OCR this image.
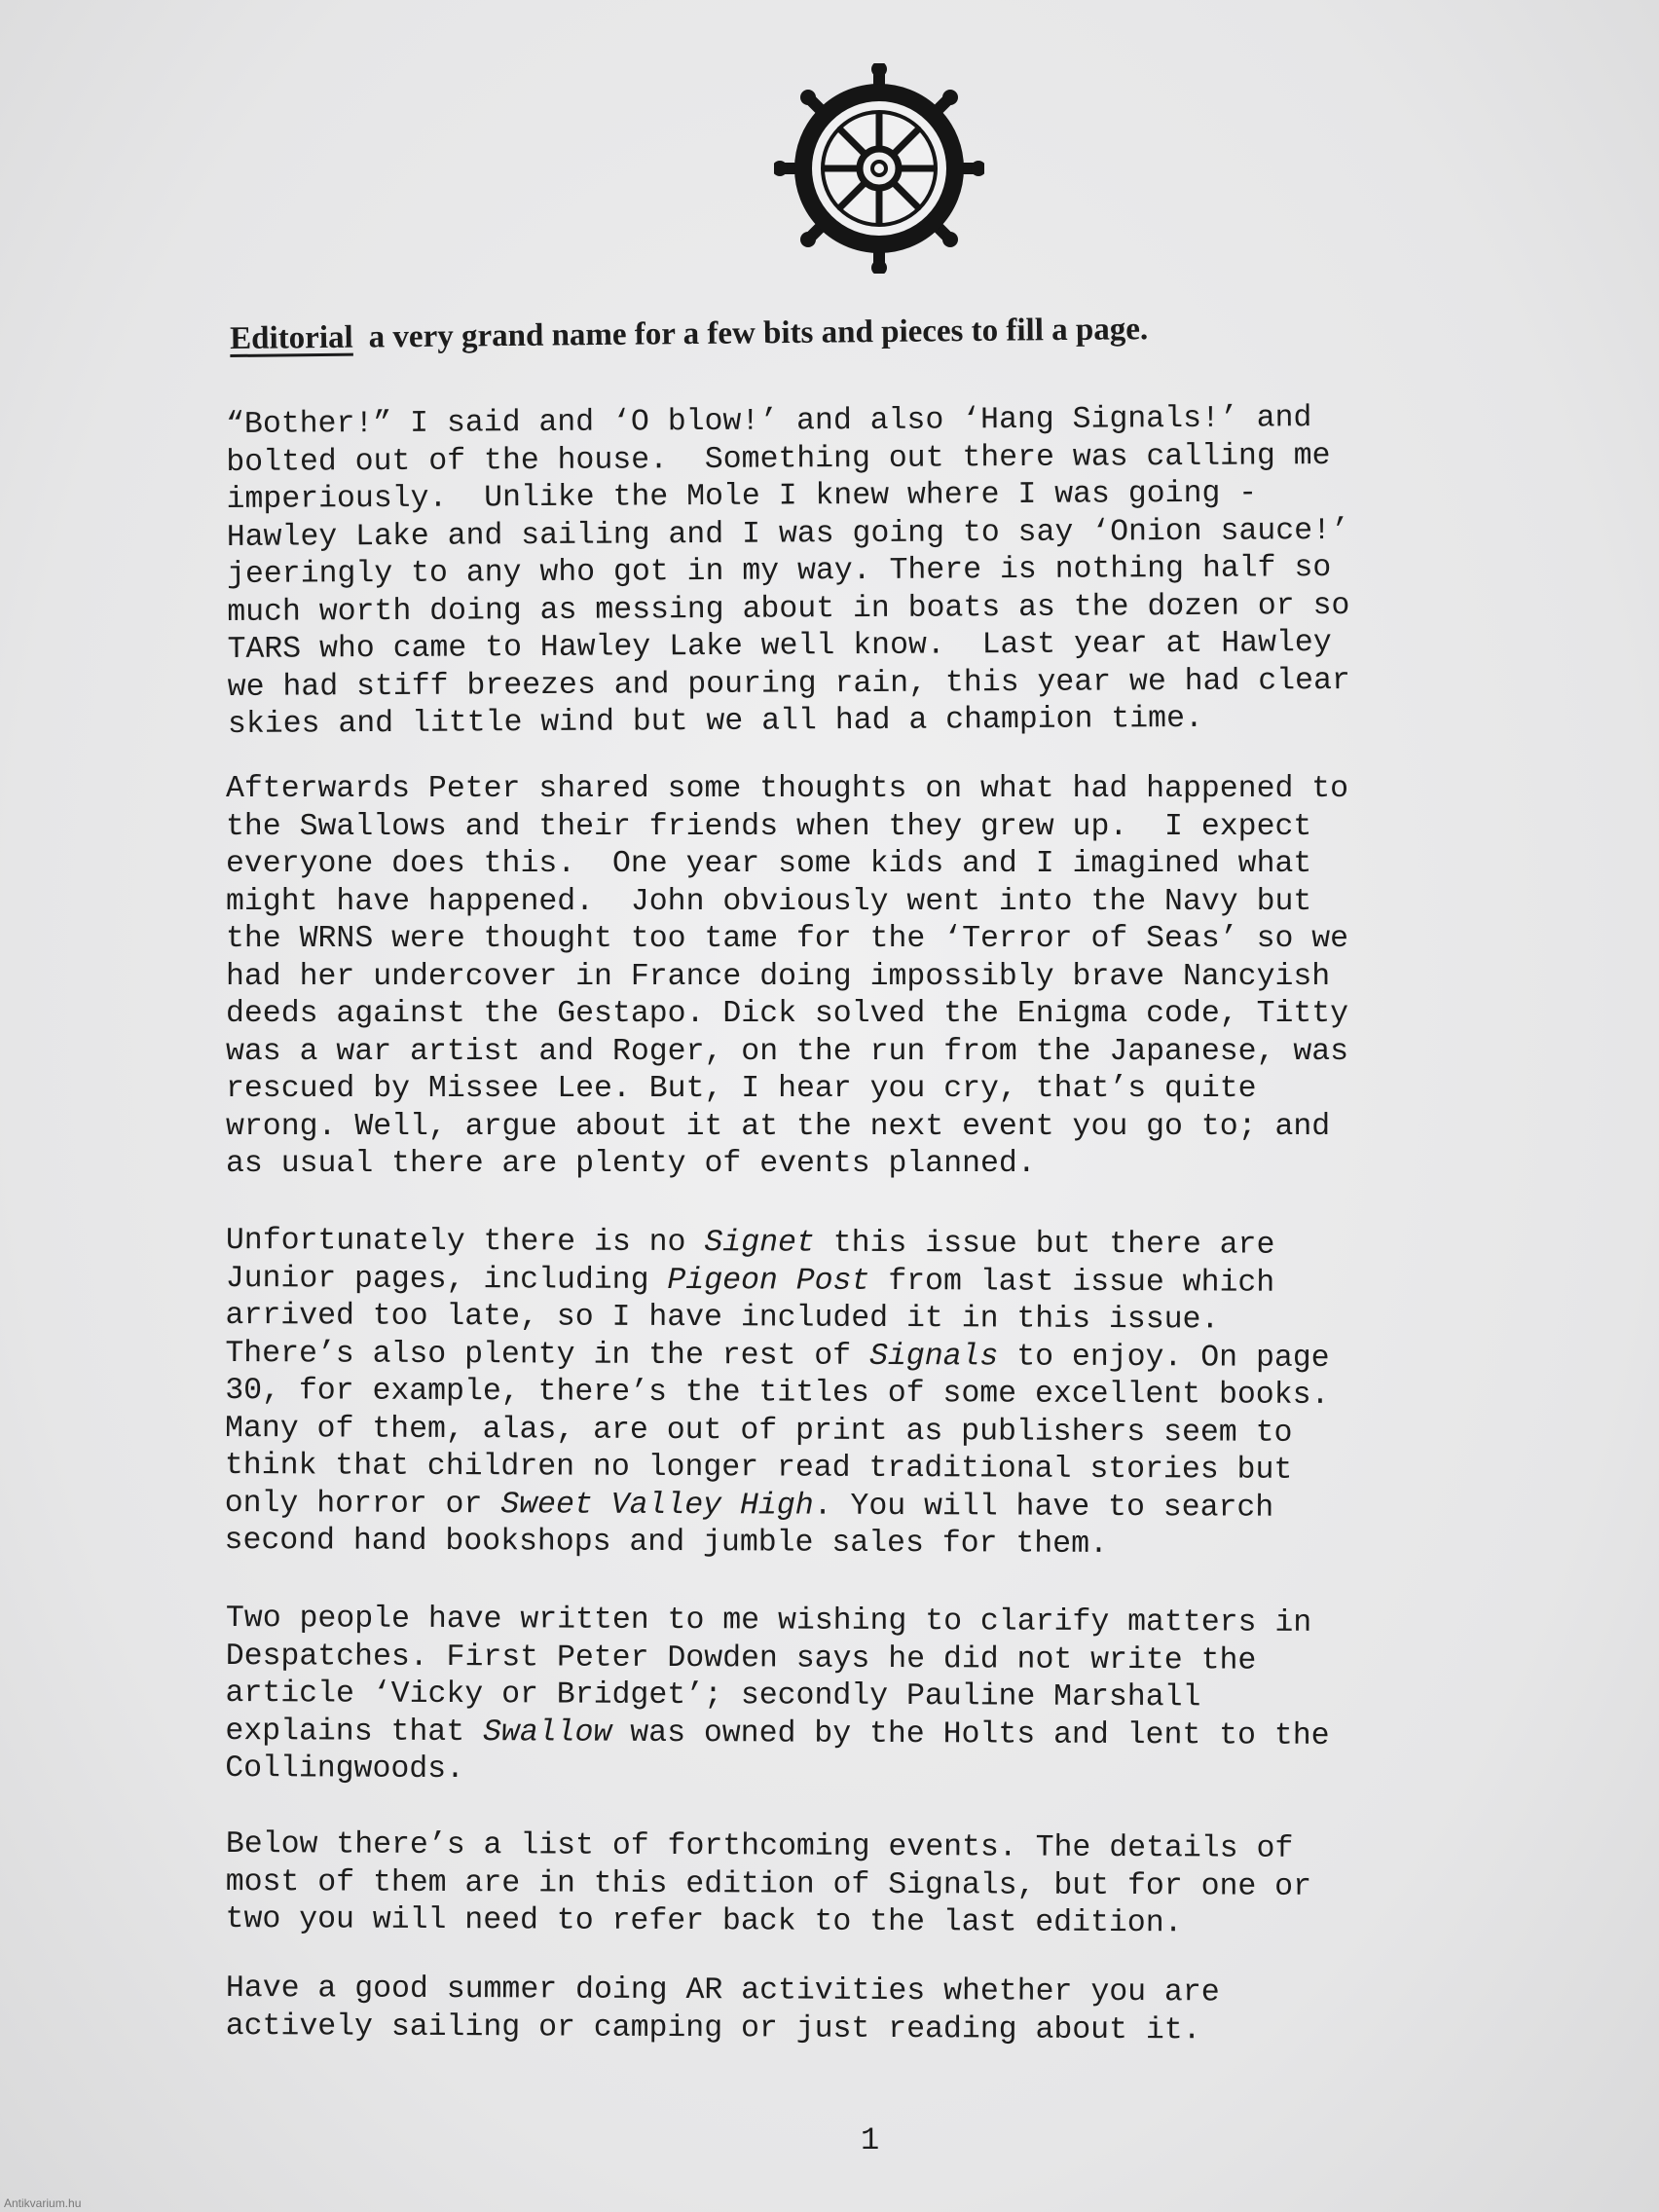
Editorial a very grand name for a few bits and pieces to fill a page.
“Bother!” I said and ‘O blow!’ and also ‘Hang Signals!’ and
bolted out of the house.  Something out there was calling me
imperiously.  Unlike the Mole I knew where I was going -
Hawley Lake and sailing and I was going to say ‘Onion sauce!’
jeeringly to any who got in my way. There is nothing half so
much worth doing as messing about in boats as the dozen or so
TARS who came to Hawley Lake well know.  Last year at Hawley
we had stiff breezes and pouring rain, this year we had clear
skies and little wind but we all had a champion time.
Afterwards Peter shared some thoughts on what had happened to
the Swallows and their friends when they grew up.  I expect
everyone does this.  One year some kids and I imagined what
might have happened.  John obviously went into the Navy but
the WRNS were thought too tame for the ‘Terror of Seas’ so we
had her undercover in France doing impossibly brave Nancyish
deeds against the Gestapo. Dick solved the Enigma code, Titty
was a war artist and Roger, on the run from the Japanese, was
rescued by Missee Lee. But, I hear you cry, that’s quite
wrong. Well, argue about it at the next event you go to; and
as usual there are plenty of events planned.
Unfortunately there is no Signet this issue but there are
Junior pages, including Pigeon Post from last issue which
arrived too late, so I have included it in this issue.
There’s also plenty in the rest of Signals to enjoy. On page
30, for example, there’s the titles of some excellent books.
Many of them, alas, are out of print as publishers seem to
think that children no longer read traditional stories but
only horror or Sweet Valley High. You will have to search
second hand bookshops and jumble sales for them.
Two people have written to me wishing to clarify matters in
Despatches. First Peter Dowden says he did not write the
article ‘Vicky or Bridget’; secondly Pauline Marshall
explains that Swallow was owned by the Holts and lent to the
Collingwoods.
Below there’s a list of forthcoming events. The details of
most of them are in this edition of Signals, but for one or
two you will need to refer back to the last edition.
Have a good summer doing AR activities whether you are
actively sailing or camping or just reading about it.
1
Antikvarium.hu
